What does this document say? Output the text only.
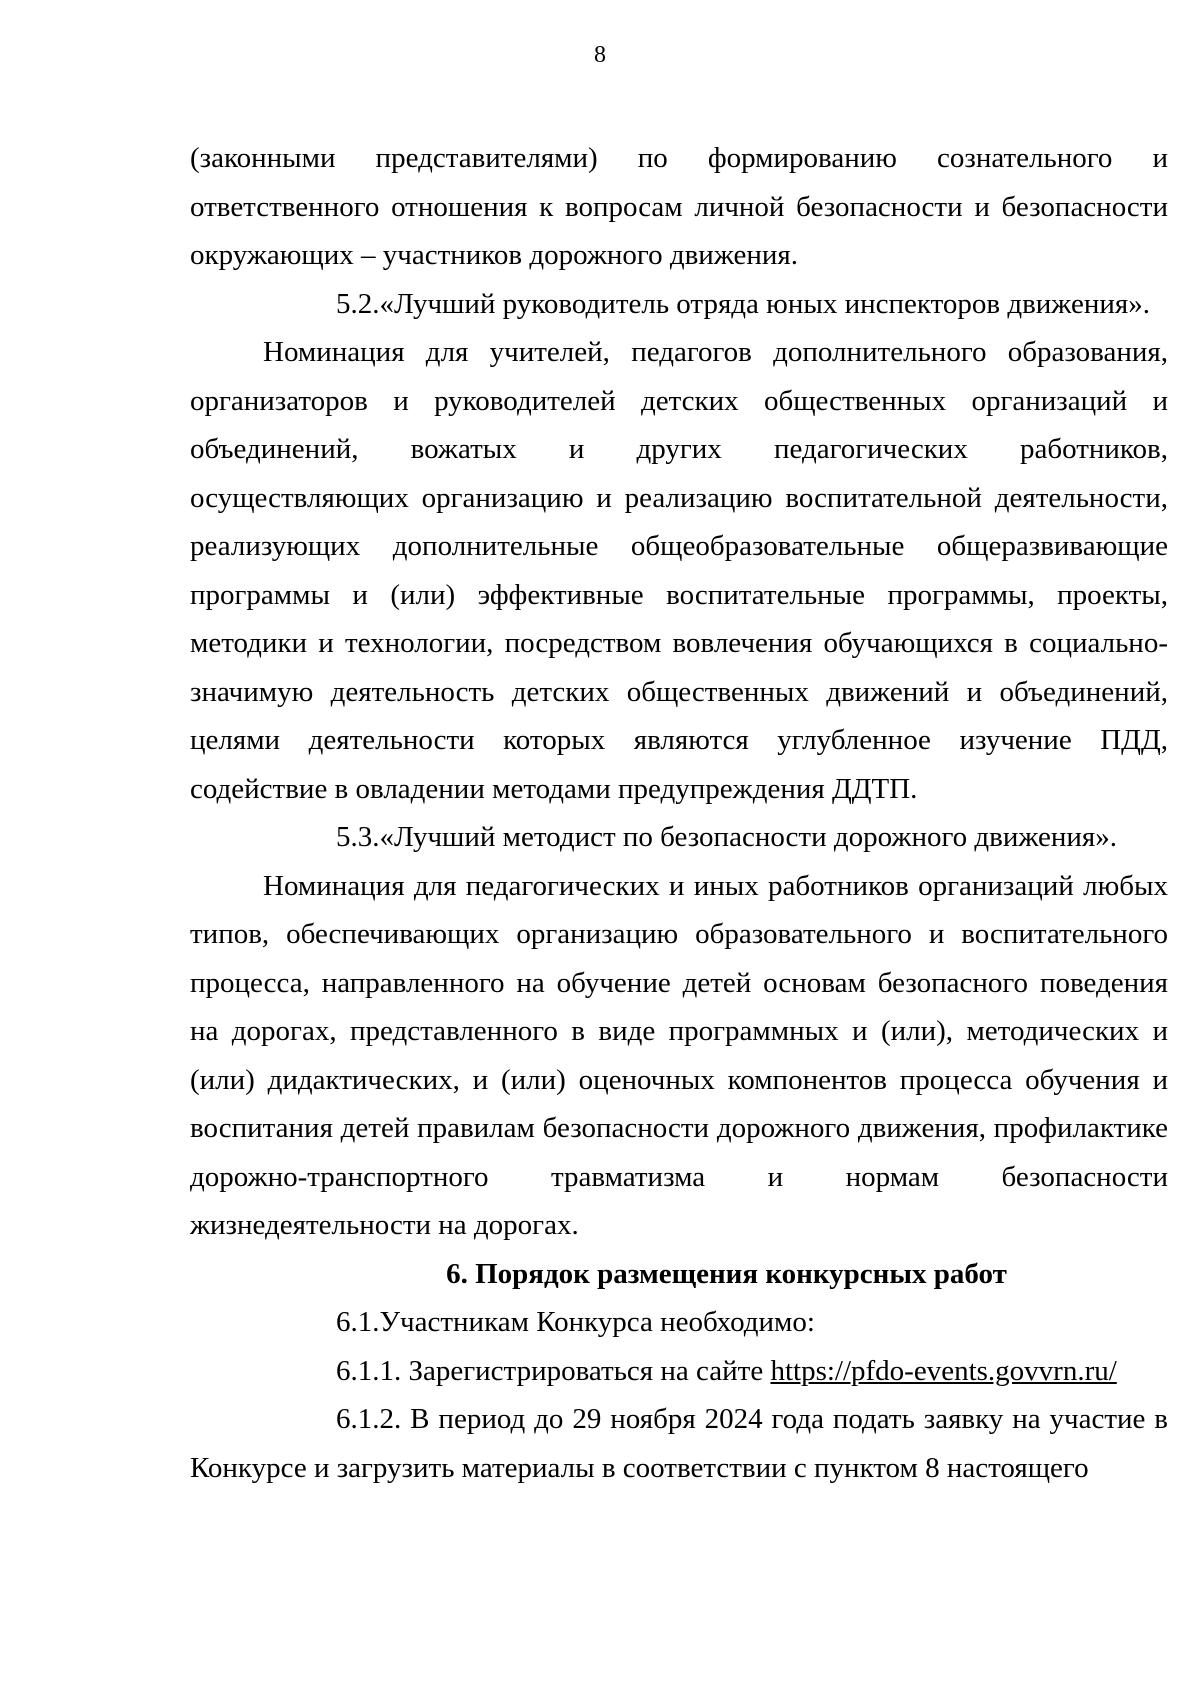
8

(законными представителями) по формированию сознательного и ответственного отношения к вопросам личной безопасности и безопасности окружающих – участников дорожного движения.

5.2.«Лучший руководитель отряда юных инспекторов движения».

Номинация для учителей, педагогов дополнительного образования, организаторов и руководителей детских общественных организаций и объединений, вожатых и других педагогических работников, осуществляющих организацию и реализацию воспитательной деятельности, реализующих дополнительные общеобразовательные общеразвивающие программы и (или) эффективные воспитательные программы, проекты, методики и технологии, посредством вовлечения обучающихся в социально-значимую деятельность детских общественных движений и объединений, целями деятельности которых являются углубленное изучение ПДД, содействие в овладении методами предупреждения ДДТП.

5.3.«Лучший методист по безопасности дорожного движения».

Номинация для педагогических и иных работников организаций любых типов, обеспечивающих организацию образовательного и воспитательного процесса, направленного на обучение детей основам безопасного поведения на дорогах, представленного в виде программных и (или), методических и (или) дидактических, и (или) оценочных компонентов процесса обучения и воспитания детей правилам безопасности дорожного движения, профилактике дорожно-транспортного травматизма и нормам безопасности жизнедеятельности на дорогах.

6. Порядок размещения конкурсных работ

6.1.Участникам Конкурса необходимо:

6.1.1. Зарегистрироваться на сайте https://pfdo-events.govvrn.ru/

6.1.2. В период до 29 ноября 2024 года подать заявку на участие в Конкурсе и загрузить материалы в соответствии с пунктом 8 настоящего
